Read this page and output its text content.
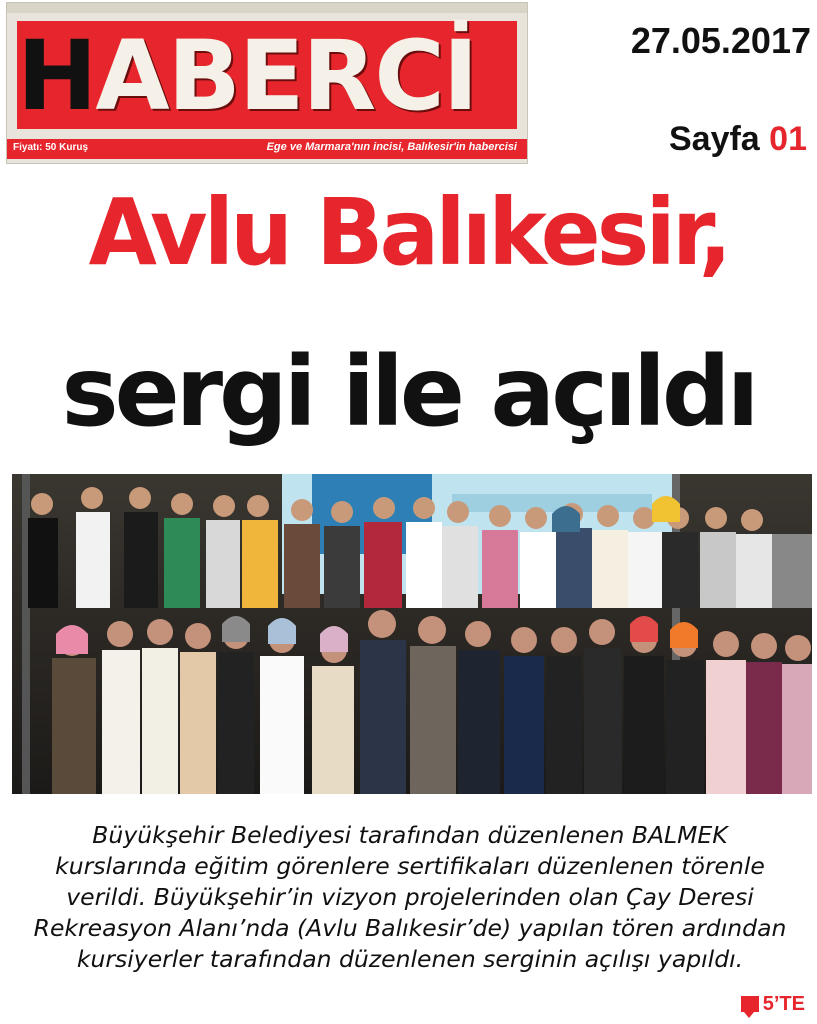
HABERCİ
Fiyatı: 50 Kuruş	Ege ve Marmara'nın incisi, Balıkesir'in habercisi
27.05.2017
Sayfa 01
Avlu Balıkesir,
sergi ile açıldı
Büyükşehir Belediyesi tarafından düzenlenen BALMEK
kurslarında eğitim görenlere sertifikaları düzenlenen törenle
verildi. Büyükşehir’in vizyon projelerinden olan Çay Deresi
Rekreasyon Alanı’nda (Avlu Balıkesir’de) yapılan tören ardından
kursiyerler tarafından düzenlenen serginin açılışı yapıldı.
5’TE
